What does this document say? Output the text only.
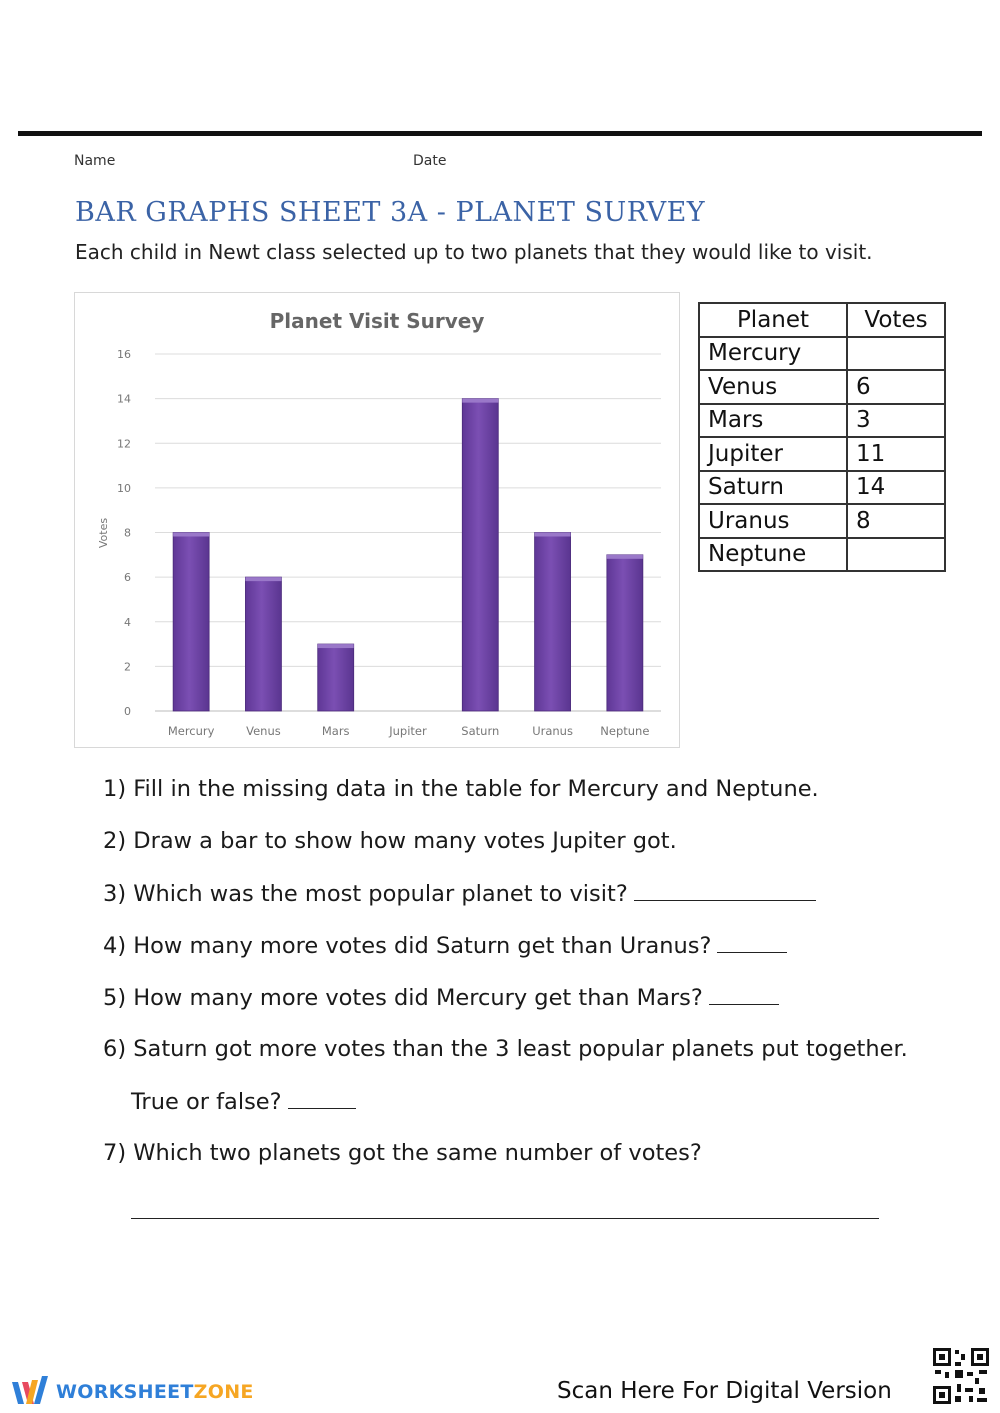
Name	Date
BAR GRAPHS SHEET 3A - PLANET SURVEY
Each child in Newt class selected up to two planets that they would like to visit.
Planet Visit Survey
0
2
4
6
8
10
12
14
16
Votes
Mercury	Venus	Mars	Jupiter	Saturn	Uranus Neptune
Planet	Votes
Mercury	
Venus	6
Mars	3
Jupiter	11
Saturn	14
Uranus	8
Neptune	
1) Fill in the missing data in the table for Mercury and Neptune.
2) Draw a bar to show how many votes Jupiter got.
3) Which was the most popular planet to visit?
4) How many more votes did Saturn get than Uranus?
5) How many more votes did Mercury get than Mars?
6) Saturn got more votes than the 3 least popular planets put together.
True or false?
7) Which two planets got the same number of votes?
WORKSHEETZONE	Scan Here For Digital Version
